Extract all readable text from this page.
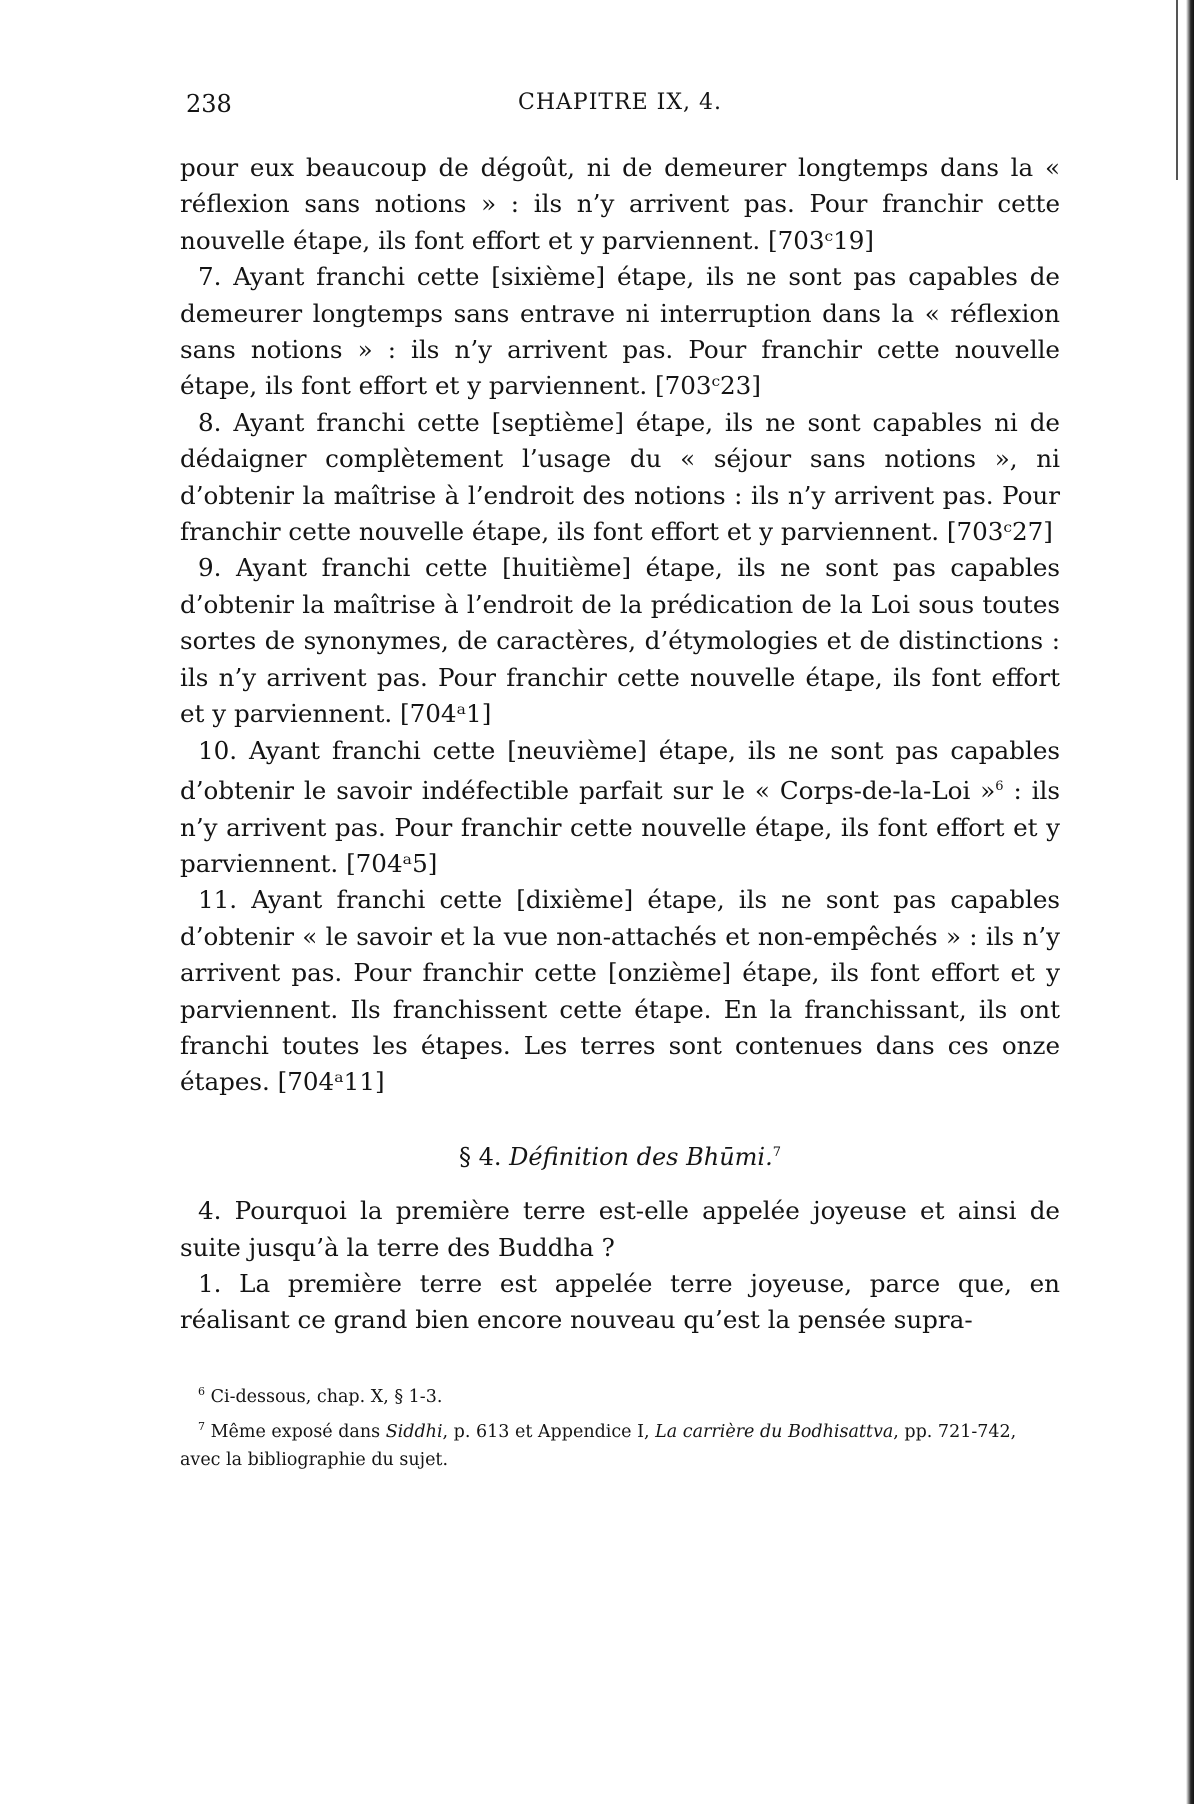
238	CHAPITRE IX, 4.

pour eux beaucoup de dégoût, ni de demeurer longtemps dans la « réflexion sans notions » : ils n’y arrivent pas. Pour franchir cette nouvelle étape, ils font effort et y parviennent. [703ᶜ19]

7. Ayant franchi cette [sixième] étape, ils ne sont pas capables de demeurer longtemps sans entrave ni interruption dans la « réflexion sans notions » : ils n’y arrivent pas. Pour franchir cette nouvelle étape, ils font effort et y parviennent. [703ᶜ23]

8. Ayant franchi cette [septième] étape, ils ne sont capables ni de dédaigner complètement l’usage du « séjour sans notions », ni d’obtenir la maîtrise à l’endroit des notions : ils n’y arrivent pas. Pour franchir cette nouvelle étape, ils font effort et y parviennent. [703ᶜ27]

9. Ayant franchi cette [huitième] étape, ils ne sont pas capables d’obtenir la maîtrise à l’endroit de la prédication de la Loi sous toutes sortes de synonymes, de caractères, d’étymologies et de distinctions : ils n’y arrivent pas. Pour franchir cette nouvelle étape, ils font effort et y parviennent. [704ᵃ1]

10. Ayant franchi cette [neuvième] étape, ils ne sont pas capables d’obtenir le savoir indéfectible parfait sur le « Corps-de-la-Loi »$^6$ : ils n’y arrivent pas. Pour franchir cette nouvelle étape, ils font effort et y parviennent. [704ᵃ5]

11. Ayant franchi cette [dixième] étape, ils ne sont pas capables d’obtenir « le savoir et la vue non-attachés et non-empêchés » : ils n’y arrivent pas. Pour franchir cette [onzième] étape, ils font effort et y parviennent. Ils franchissent cette étape. En la franchissant, ils ont franchi toutes les étapes. Les terres sont contenues dans ces onze étapes. [704ᵃ11]

§ 4. Définition des Bhūmi.$^7$

4. Pourquoi la première terre est-elle appelée joyeuse et ainsi de suite jusqu’à la terre des Buddha ?

1. La première terre est appelée terre joyeuse, parce que, en réalisant ce grand bien encore nouveau qu’est la pensée supra-

$^6$ Ci-dessous, chap. X, § 1-3.

$^7$ Même exposé dans Siddhi, p. 613 et Appendice I, La carrière du Bodhisattva, pp. 721-742, avec la bibliographie du sujet.
